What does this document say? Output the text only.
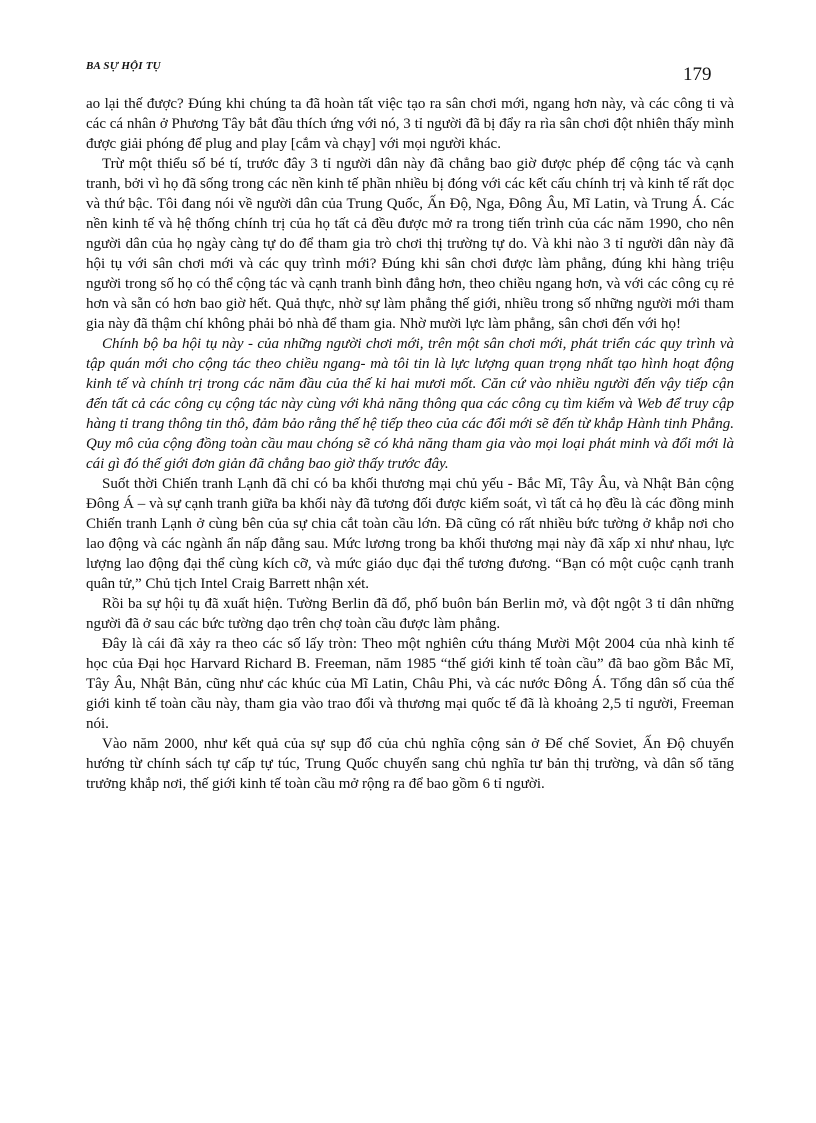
BA SỰ HỘI TỤ	179

ao lại thế được? Đúng khi chúng ta đã hoàn tất việc tạo ra sân chơi mới, ngang hơn này, và các công ti và các cá nhân ở Phương Tây bắt đầu thích ứng với nó, 3 tỉ người đã bị đẩy ra rìa sân chơi đột nhiên thấy mình được giải phóng để plug and play [cắm và chạy] với mọi người khác.

Trừ một thiểu số bé tí, trước đây 3 tỉ người dân này đã chẳng bao giờ được phép để cộng tác và cạnh tranh, bởi vì họ đã sống trong các nền kinh tế phần nhiều bị đóng với các kết cấu chính trị và kinh tế rất dọc và thứ bậc. Tôi đang nói về người dân của Trung Quốc, Ấn Độ, Nga, Đông Âu, Mĩ Latin, và Trung Á. Các nền kinh tế và hệ thống chính trị của họ tất cả đều được mở ra trong tiến trình của các năm 1990, cho nên người dân của họ ngày càng tự do để tham gia trò chơi thị trường tự do. Và khi nào 3 tỉ người dân này đã hội tụ với sân chơi mới và các quy trình mới? Đúng khi sân chơi được làm phẳng, đúng khi hàng triệu người trong số họ có thể cộng tác và cạnh tranh bình đẳng hơn, theo chiều ngang hơn, và với các công cụ rẻ hơn và sẵn có hơn bao giờ hết. Quả thực, nhờ sự làm phẳng thế giới, nhiều trong số những người mới tham gia này đã thậm chí không phải bỏ nhà để tham gia. Nhờ mười lực làm phẳng, sân chơi đến với họ!

Chính bộ ba hội tụ này - của những người chơi mới, trên một sân chơi mới, phát triển các quy trình và tập quán mới cho cộng tác theo chiều ngang- mà tôi tin là lực lượng quan trọng nhất tạo hình hoạt động kinh tế và chính trị trong các năm đầu của thế kỉ hai mươi mốt. Căn cứ vào nhiều người đến vậy tiếp cận đến tất cả các công cụ cộng tác này cùng với khả năng thông qua các công cụ tìm kiếm và Web để truy cập hàng tỉ trang thông tin thô, đảm bảo rằng thế hệ tiếp theo của các đổi mới sẽ đến từ khắp Hành tinh Phẳng. Quy mô của cộng đồng toàn cầu mau chóng sẽ có khả năng tham gia vào mọi loại phát minh và đổi mới là cái gì đó thế giới đơn giản đã chẳng bao giờ thấy trước đây.

Suốt thời Chiến tranh Lạnh đã chỉ có ba khối thương mại chủ yếu - Bắc Mĩ, Tây Âu, và Nhật Bản cộng Đông Á – và sự cạnh tranh giữa ba khối này đã tương đối được kiểm soát, vì tất cả họ đều là các đồng minh Chiến tranh Lạnh ở cùng bên của sự chia cắt toàn cầu lớn. Đã cũng có rất nhiều bức tường ở khắp nơi cho lao động và các ngành ẩn nấp đằng sau. Mức lương trong ba khối thương mại này đã xấp xỉ như nhau, lực lượng lao động đại thể cùng kích cỡ, và mức giáo dục đại thể tương đương. “Bạn có một cuộc cạnh tranh quân tử,” Chủ tịch Intel Craig Barrett nhận xét.

Rồi ba sự hội tụ đã xuất hiện. Tường Berlin đã đổ, phố buôn bán Berlin mở, và đột ngột 3 tỉ dân những người đã ở sau các bức tường dạo trên chợ toàn cầu được làm phẳng.

Đây là cái đã xảy ra theo các số lấy tròn: Theo một nghiên cứu tháng Mười Một 2004 của nhà kinh tế học của Đại học Harvard Richard B. Freeman, năm 1985 “thế giới kinh tế toàn cầu” đã bao gồm Bắc Mĩ, Tây Âu, Nhật Bản, cũng như các khúc của Mĩ Latin, Châu Phi, và các nước Đông Á. Tổng dân số của thế giới kinh tế toàn cầu này, tham gia vào trao đổi và thương mại quốc tế đã là khoảng 2,5 tỉ người, Freeman nói.

Vào năm 2000, như kết quả của sự sụp đổ của chủ nghĩa cộng sản ở Đế chế Soviet, Ấn Độ chuyển hướng từ chính sách tự cấp tự túc, Trung Quốc chuyển sang chủ nghĩa tư bản thị trường, và dân số tăng trưởng khắp nơi, thế giới kinh tế toàn cầu mở rộng ra để bao gồm 6 tỉ người.
